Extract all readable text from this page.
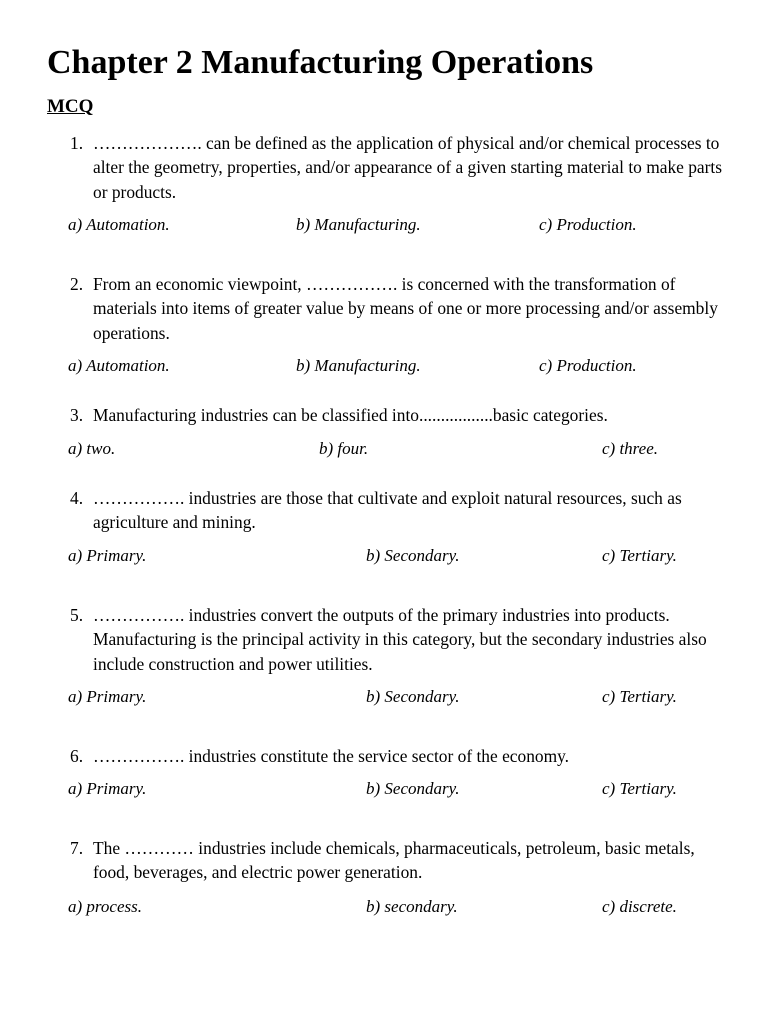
Chapter 2 Manufacturing Operations
MCQ
1. ………………. can be defined as the application of physical and/or chemical processes to alter the geometry, properties, and/or appearance of a given starting material to make parts or products.
a) Automation.	b) Manufacturing.	c) Production.
2. From an economic viewpoint, ……………. is concerned with the transformation of materials into items of greater value by means of one or more processing and/or assembly operations.
a) Automation.	b) Manufacturing.	c) Production.
3. Manufacturing industries can be classified into.................basic categories.
a) two.	b) four.	c) three.
4. ……………. industries are those that cultivate and exploit natural resources, such as agriculture and mining.
a) Primary.	b) Secondary.	c) Tertiary.
5. ……………. industries convert the outputs of the primary industries into products. Manufacturing is the principal activity in this category, but the secondary industries also include construction and power utilities.
a) Primary.	b) Secondary.	c) Tertiary.
6. ……………. industries constitute the service sector of the economy.
a) Primary.	b) Secondary.	c) Tertiary.
7. The ………… industries include chemicals, pharmaceuticals, petroleum, basic metals, food, beverages, and electric power generation.
a) process.	b) secondary.	c) discrete.
